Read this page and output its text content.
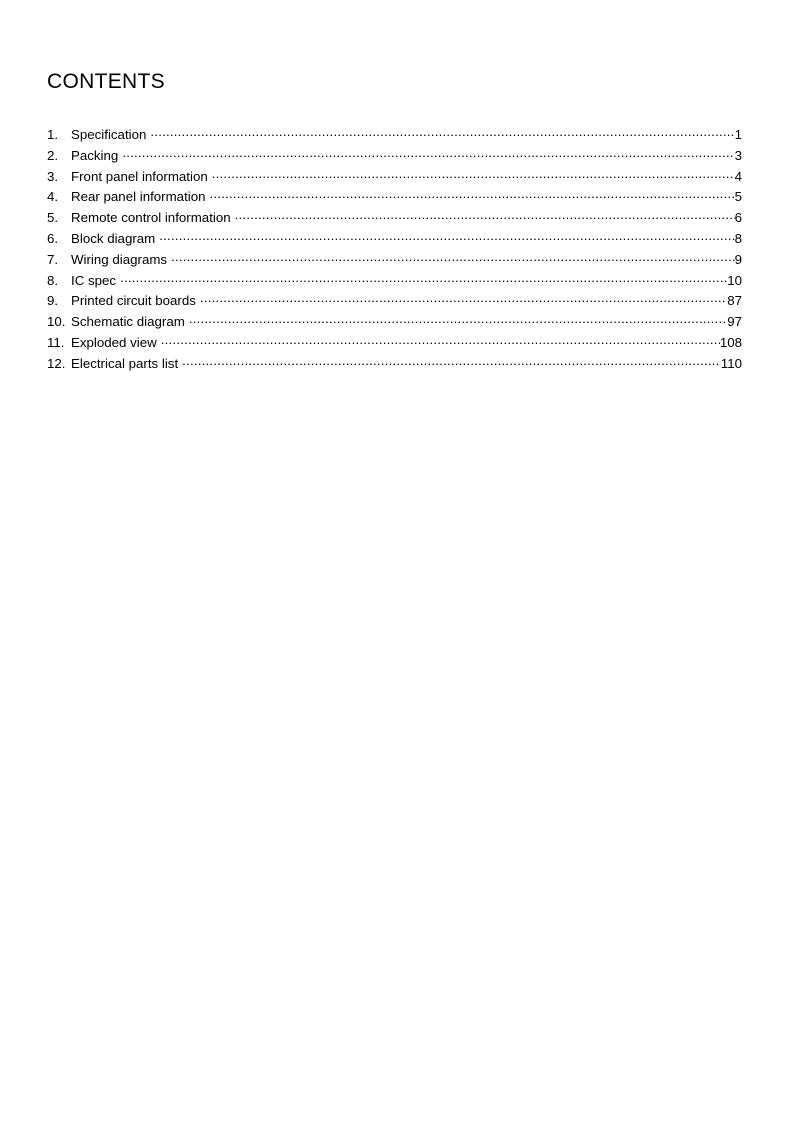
CONTENTS
1. Specification .....	1
2. Packing .....	3
3. Front panel information .....	4
4. Rear panel information .....	5
5. Remote control information .....	6
6. Block diagram .....	8
7. Wiring diagrams .....	9
8. IC spec .....	10
9. Printed circuit boards .....	87
10. Schematic diagram .....	97
11. Exploded view .....	108
12. Electrical parts list .....	110
